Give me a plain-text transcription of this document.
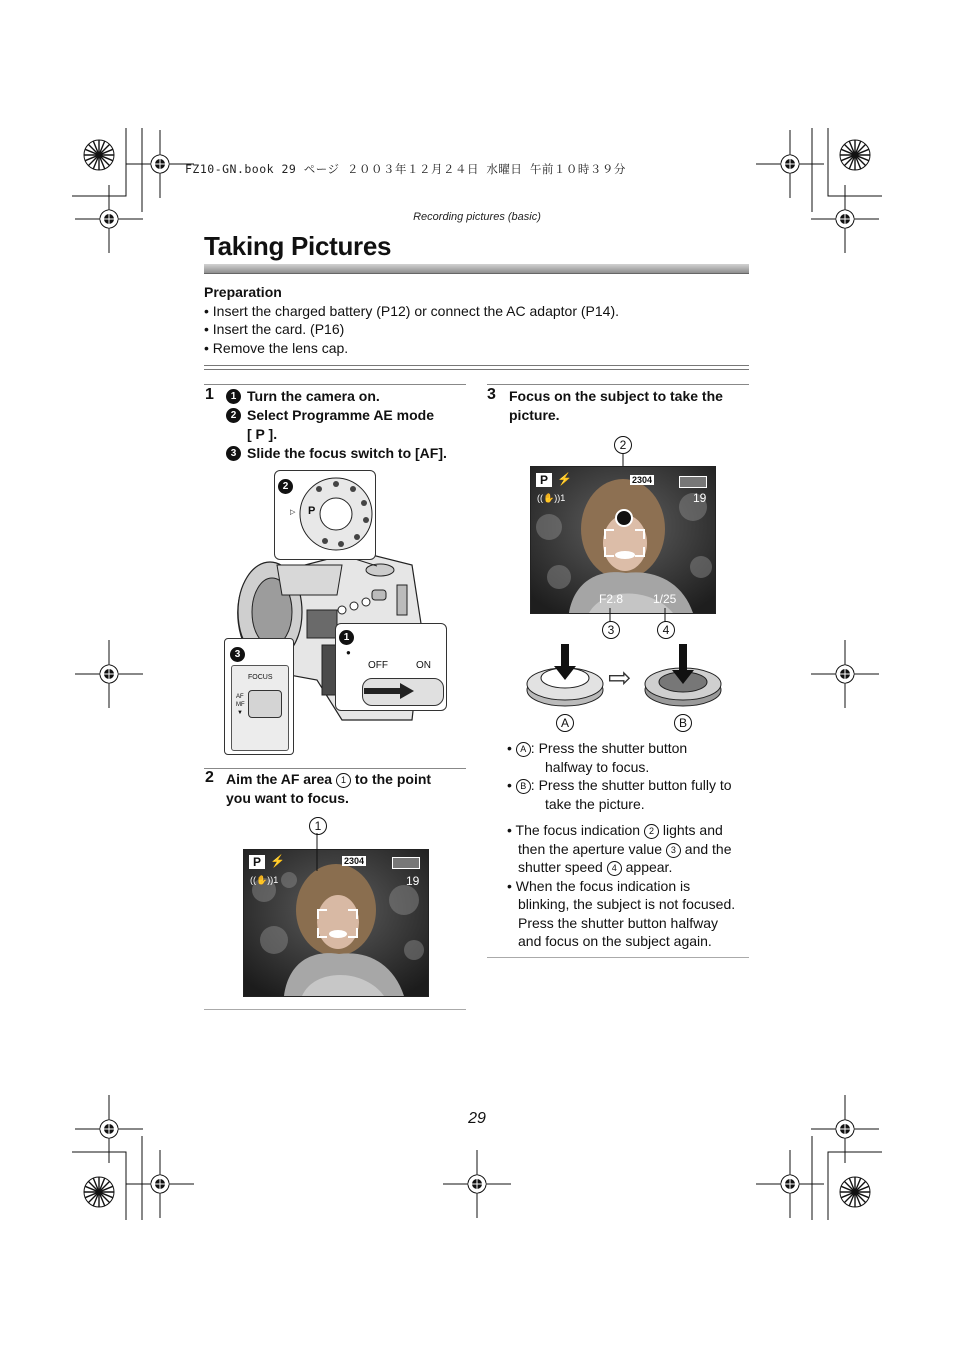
FZ10-GN.book 29 ページ ２００３年１２月２４日 水曜日 午前１０時３９分
Recording pictures (basic)
Taking Pictures
Preparation
• Insert the charged battery (P12) or connect the AC adaptor (P14).
• Insert the card. (P16)
• Remove the lens cap.
1	1 Turn the camera on.
2 Select Programme AE mode
[ P ].
3 Slide the focus switch to [AF].
2
P
▷
3
FOCUS
AF
MF
▼
1
●
OFF	ON
2 Aim the AF area 1 to the point
you want to focus.
1
P ⚡
((✋))1
2304
19
3 Focus on the subject to take the
picture.
2
P ⚡
((✋))1
2304
19
F2.8 1/25
3	4
⇨
A	B
• A : Press the shutter button
halfway to focus.
• B : Press the shutter button fully to
take the picture.
• The focus indication 2 lights and
then the aperture value 3 and the
shutter speed 4 appear.
• When the focus indication is
blinking, the subject is not focused.
Press the shutter button halfway
and focus on the subject again.
29
